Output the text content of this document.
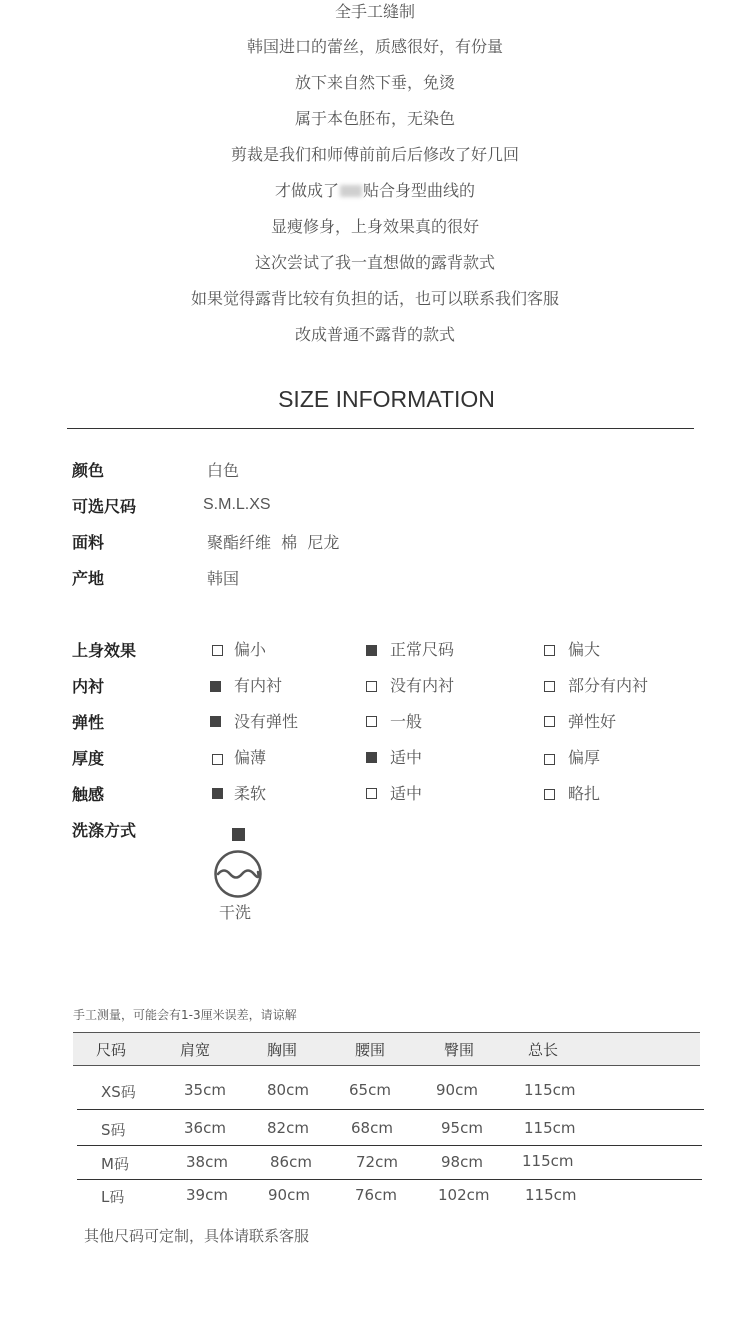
全手工缝制
韩国进口的蕾丝，质感很好，有份量
放下来自然下垂，免烫
属于本色胚布，无染色
剪裁是我们和师傅前前后后修改了好几回
才做成了 贴合身型曲线的
显瘦修身，上身效果真的很好
这次尝试了我一直想做的露背款式
如果觉得露背比较有负担的话，也可以联系我们客服
改成普通不露背的款式
SIZE INFORMATION
颜色	白色
可选尺码	S.M.L.XS
面料	聚酯纤维  棉  尼龙
产地	韩国
上身效果	偏小	正常尺码	偏大
内衬	有内衬	没有内衬	部分有内衬
弹性	没有弹性	一般	弹性好
厚度	偏薄	适中	偏厚
触感	柔软	适中	略扎
洗涤方式
干洗
手工测量，可能会有1-3厘米误差，请谅解
尺码	肩宽	胸围	腰围	臀围	总长
XS码	35cm	80cm	65cm	90cm	115cm
S码	36cm	82cm	68cm	95cm	115cm
M码	38cm	86cm	72cm	98cm	115cm
L码	39cm	90cm	76cm	102cm 115cm
其他尺码可定制，具体请联系客服
